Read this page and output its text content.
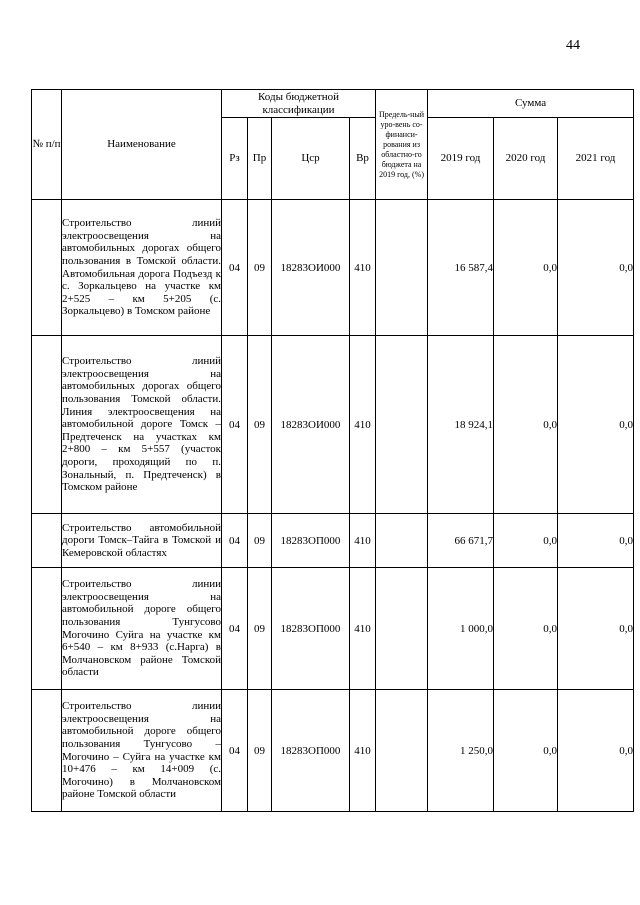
44
№ п/п	Наименование	Коды бюджетной классификации				Предель-ный уро-вень со-финанси-рования из областно-го бюджета на 2019 год, (%)	Сумма		
		Рз	Пр	Цср	Вр		2019 год	2020 год	2021 год
	Строительство линий электроосвещения на автомобильных дорогах общего пользования в Томской области. Автомобильная дорога Подъезд к с. Зоркальцево на участке км 2+525 – км 5+205 (с. Зоркальцево) в Томском районе	04	09	18283ОИ000	410		16 587,4	0,0	0,0
	Строительство линий электроосвещения на автомобильных дорогах общего пользования Томской области. Линия электроосвещения на автомобильной дороге Томск – Предтеченск на участках км 2+800 – км 5+557 (участок дороги, проходящий по п. Зональный, п. Предтеченск) в Томском районе	04	09	18283ОИ000	410		18 924,1	0,0	0,0
	Строительство автомобильной дороги Томск–Тайга в Томской и Кемеровской областях	04	09	18283ОП000	410		66 671,7	0,0	0,0
	Строительство линии электроосвещения на автомобильной дороге общего пользования Тунгусово Могочино Суйга на участке км 6+540 – км 8+933 (с.Нарга) в Молчановском районе Томской области	04	09	18283ОП000	410		1 000,0	0,0	0,0
	Строительство линии электроосвещения на автомобильной дороге общего пользования Тунгусово – Могочино – Суйга на участке км 10+476 – км 14+009 (с. Могочино) в Молчановском районе Томской области	04	09	18283ОП000	410		1 250,0	0,0	0,0
